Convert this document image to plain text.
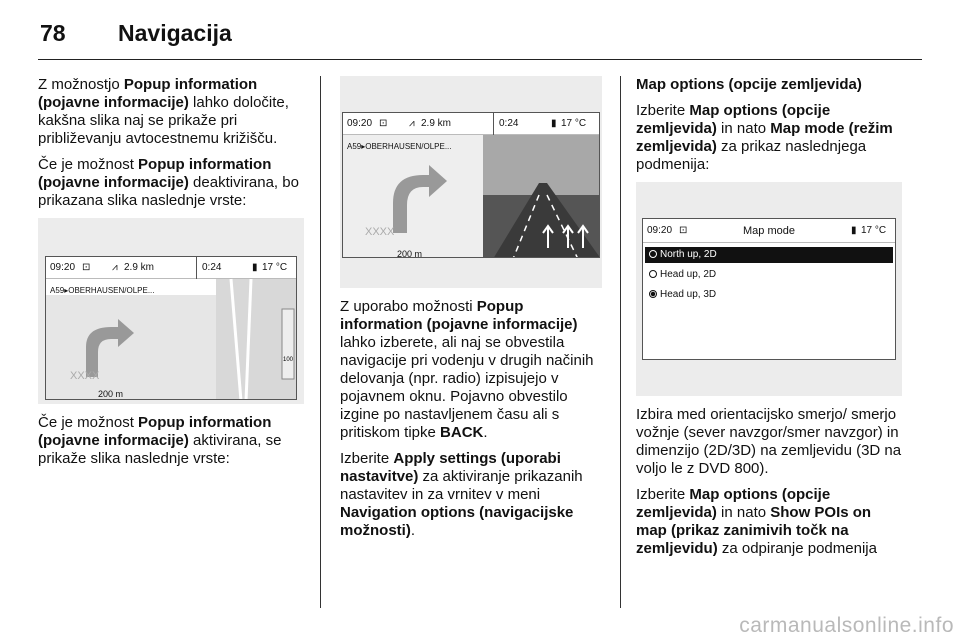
78 Navigacija

Z možnostjo Popup information (pojavne informacije) lahko določite, kakšna slika naj se prikaže pri približevanju avtocestnemu križišču.

Če je možnost Popup information (pojavne informacije) deaktivirana, bo prikazana slika naslednje vrste:

09:20 ⊡ ⩘ 2.9 km	0:24	▮ 17 °C
A59▸OBERHAUSEN/OLPE...
XXXX
100
200 m

Če je možnost Popup information (pojavne informacije) aktivirana, se prikaže slika naslednje vrste:

09:20 ⊡ ⩘ 2.9 km	0:24	▮ 17 °C
XXXX
A59▸OBERHAUSEN/OLPE...
200 m

Z uporabo možnosti Popup information (pojavne informacije) lahko izberete, ali naj se obvestila navigacije pri vodenju v drugih načinih delovanja (npr. radio) izpisujejo v pojavnem oknu. Pojavno obvestilo izgine po nastavljenem času ali s pritiskom tipke BACK.

Izberite Apply settings (uporabi nastavitve) za aktiviranje prikazanih nastavitev in za vrnitev v meni Navigation options (navigacijske možnosti).

Map options (opcije zemljevida)

Izberite Map options (opcije zemljevida) in nato Map mode (režim zemljevida) za prikaz naslednjega podmenija:

09:20 ⊡	Map mode	▮ 17 °C
North up, 2D
Head up, 2D
Head up, 3D

Izbira med orientacijsko smerjo/ smerjo vožnje (sever navzgor/smer navzgor) in dimenzijo (2D/3D) na zemljevidu (3D na voljo le z DVD 800).

Izberite Map options (opcije zemljevida) in nato Show POIs on map (prikaz zanimivih točk na zemljevidu) za odpiranje podmenija

carmanualsonline.info
